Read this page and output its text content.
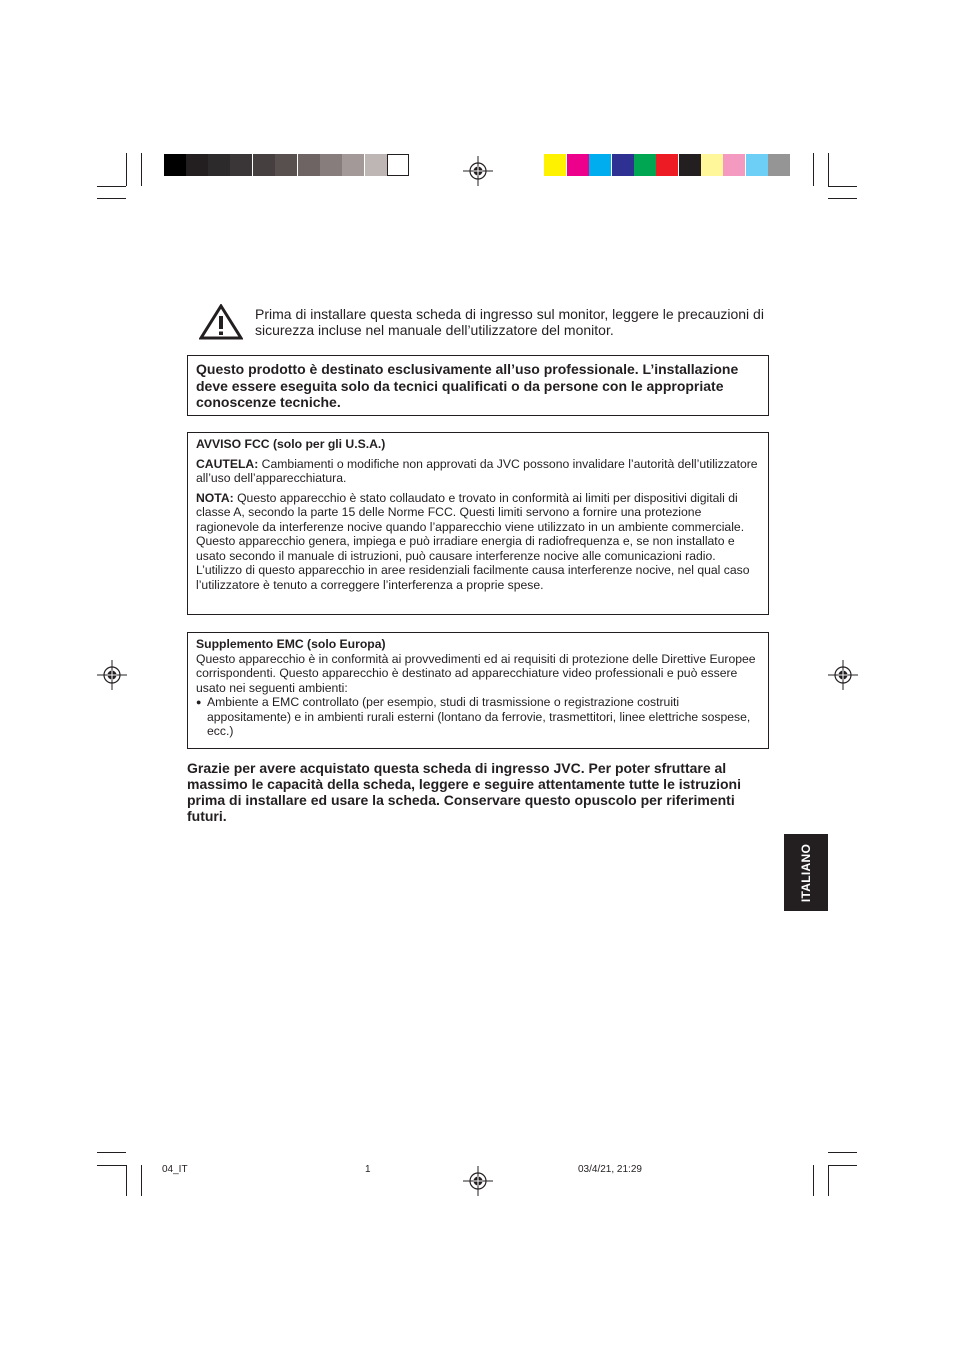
Prima di installare questa scheda di ingresso sul monitor, leggere le precauzioni di sicurezza incluse nel manuale dell’utilizzatore del monitor.

Questo prodotto è destinato esclusivamente all’uso professionale. L’installazione deve essere eseguita solo da tecnici qualificati o da persone con le appropriate conoscenze tecniche.

AVVISO FCC (solo per gli U.S.A.)

CAUTELA: Cambiamenti o modifiche non approvati da JVC possono invalidare l’autorità dell’utilizzatore all’uso dell’apparecchiatura.

NOTA: Questo apparecchio è stato collaudato e trovato in conformità ai limiti per dispositivi digitali di classe A, secondo la parte 15 delle Norme FCC. Questi limiti servono a fornire una protezione ragionevole da interferenze nocive quando l’apparecchio viene utilizzato in un ambiente commerciale. Questo apparecchio genera, impiega e può irradiare energia di radiofrequenza e, se non installato e usato secondo il manuale di istruzioni, può causare interferenze nocive alle comunicazioni radio. L’utilizzo di questo apparecchio in aree residenziali facilmente causa interferenze nocive, nel qual caso l’utilizzatore è tenuto a correggere l’interferenza a proprie spese.

Supplemento EMC (solo Europa)

Questo apparecchio è in conformità ai provvedimenti ed ai requisiti di protezione delle Direttive Europee corrispondenti. Questo apparecchio è destinato ad apparecchiature video professionali e può essere usato nei seguenti ambienti:

● Ambiente a EMC controllato (per esempio, studi di trasmissione o registrazione costruiti appositamente) e in ambienti rurali esterni (lontano da ferrovie, trasmettitori, linee elettriche sospese, ecc.)

Grazie per avere acquistato questa scheda di ingresso JVC. Per poter sfruttare al massimo le capacità della scheda, leggere e seguire attentamente tutte le istruzioni prima di installare ed usare la scheda. Conservare questo opuscolo per riferimenti futuri.

ITALIANO
04_IT	1	03/4/21, 21:29
